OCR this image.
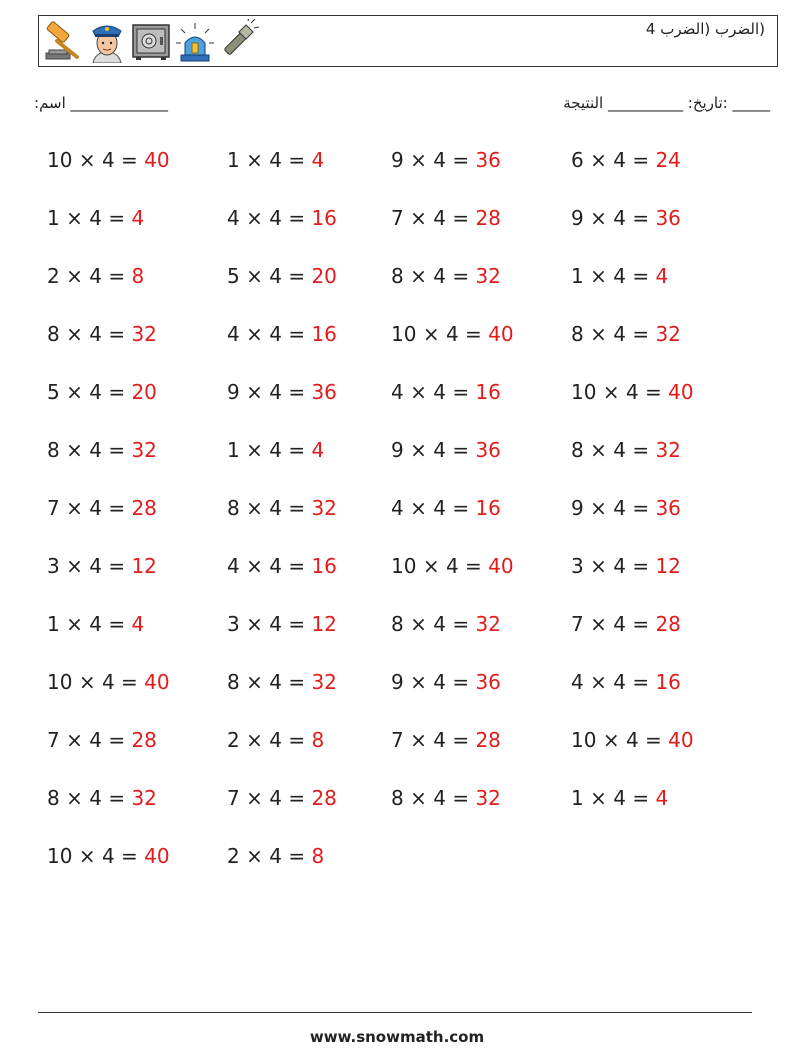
(الضرب (الضرب 4
:اسم _____________	_____ :تاريخ: __________ النتيجة
10 × 4 = 40	1 × 4 = 4	9 × 4 = 36	6 × 4 = 24
1 × 4 = 4	4 × 4 = 16	7 × 4 = 28	9 × 4 = 36
2 × 4 = 8	5 × 4 = 20	8 × 4 = 32	1 × 4 = 4
8 × 4 = 32	4 × 4 = 16	10 × 4 = 40	8 × 4 = 32
5 × 4 = 20	9 × 4 = 36	4 × 4 = 16	10 × 4 = 40
8 × 4 = 32	1 × 4 = 4	9 × 4 = 36	8 × 4 = 32
7 × 4 = 28	8 × 4 = 32	4 × 4 = 16	9 × 4 = 36
3 × 4 = 12	4 × 4 = 16	10 × 4 = 40	3 × 4 = 12
1 × 4 = 4	3 × 4 = 12	8 × 4 = 32	7 × 4 = 28
10 × 4 = 40	8 × 4 = 32	9 × 4 = 36	4 × 4 = 16
7 × 4 = 28	2 × 4 = 8	7 × 4 = 28	10 × 4 = 40
8 × 4 = 32	7 × 4 = 28	8 × 4 = 32	1 × 4 = 4
10 × 4 = 40	2 × 4 = 8
www.snowmath.com
